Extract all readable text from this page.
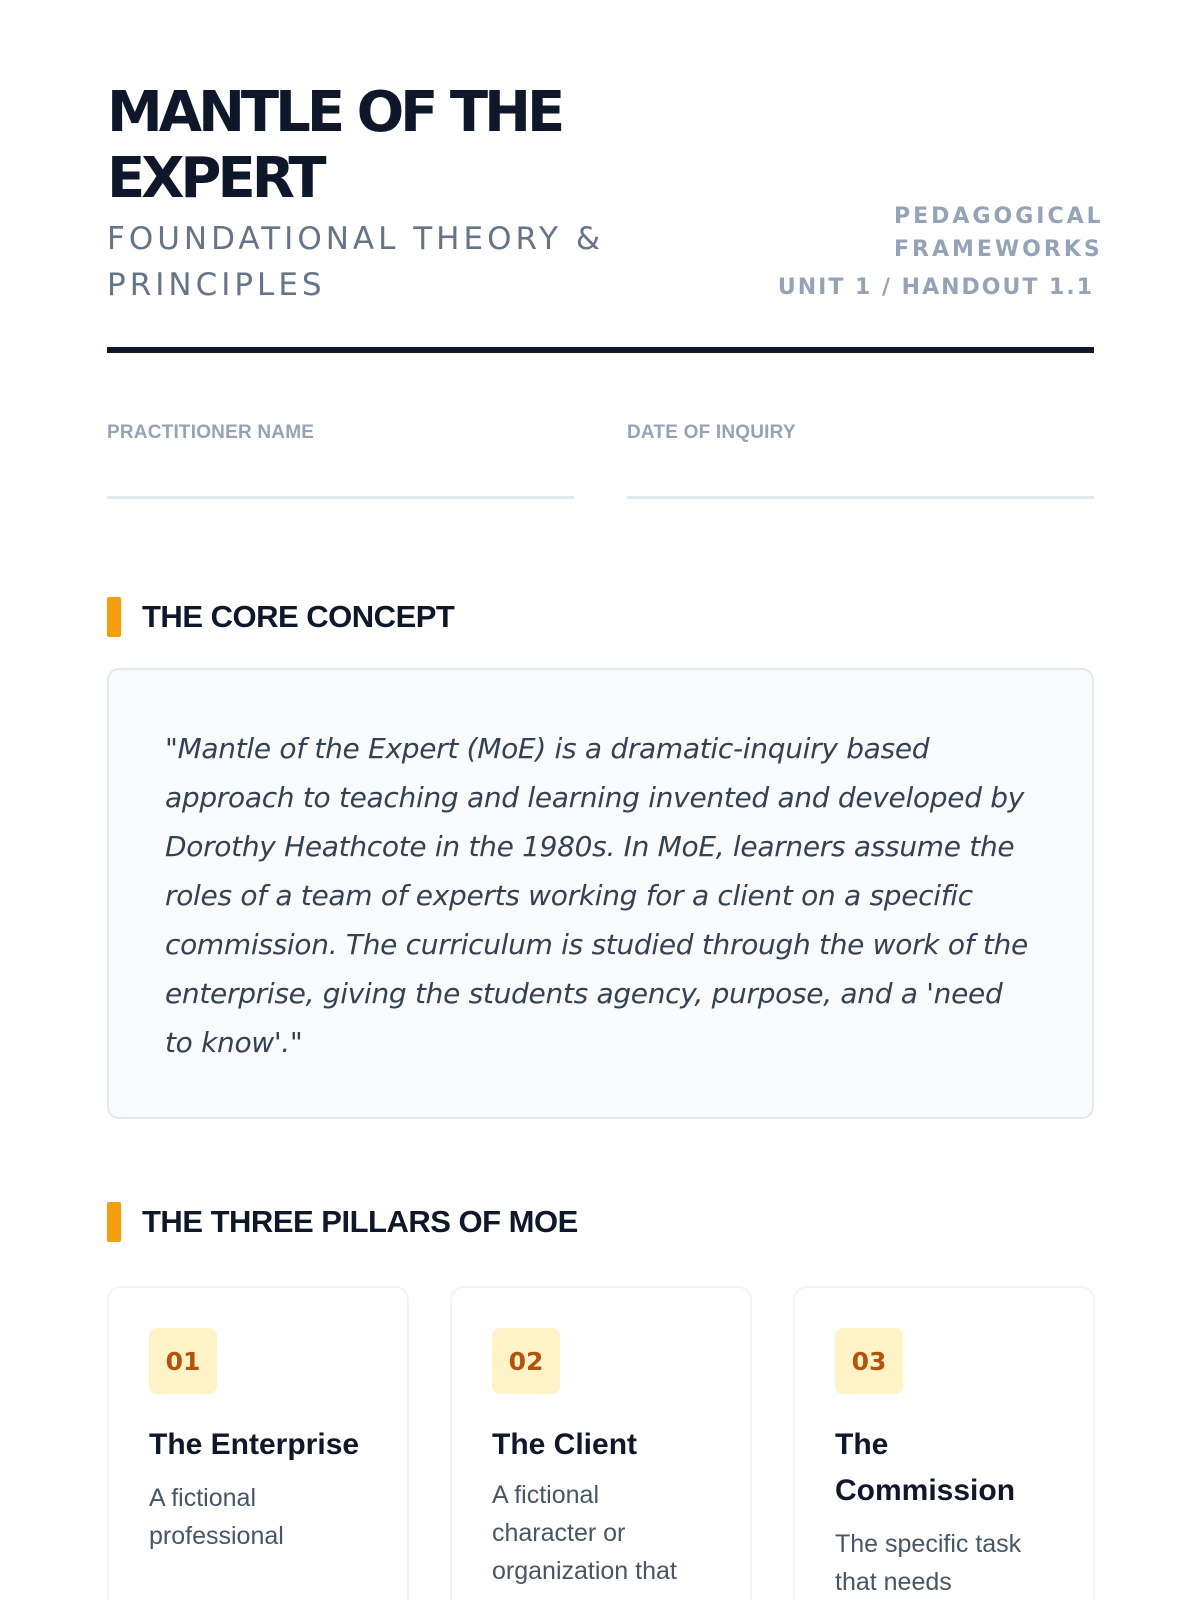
MANTLE OF THE EXPERT
FOUNDATIONAL THEORY & PRINCIPLES
PEDAGOGICAL FRAMEWORKS
UNIT 1 / HANDOUT 1.1
PRACTITIONER NAME	DATE OF INQUIRY
THE CORE CONCEPT

"Mantle of the Expert (MoE) is a dramatic-inquiry based approach to teaching and learning invented and developed by Dorothy Heathcote in the 1980s. In MoE, learners assume the roles of a team of experts working for a client on a specific commission. The curriculum is studied through the work of the enterprise, giving the students agency, purpose, and a 'need to know'."

THE THREE PILLARS OF MOE
01
The Enterprise

A fictional professional

02
The Client

A fictional character or organization that

03
The Commission

The specific task that needs
